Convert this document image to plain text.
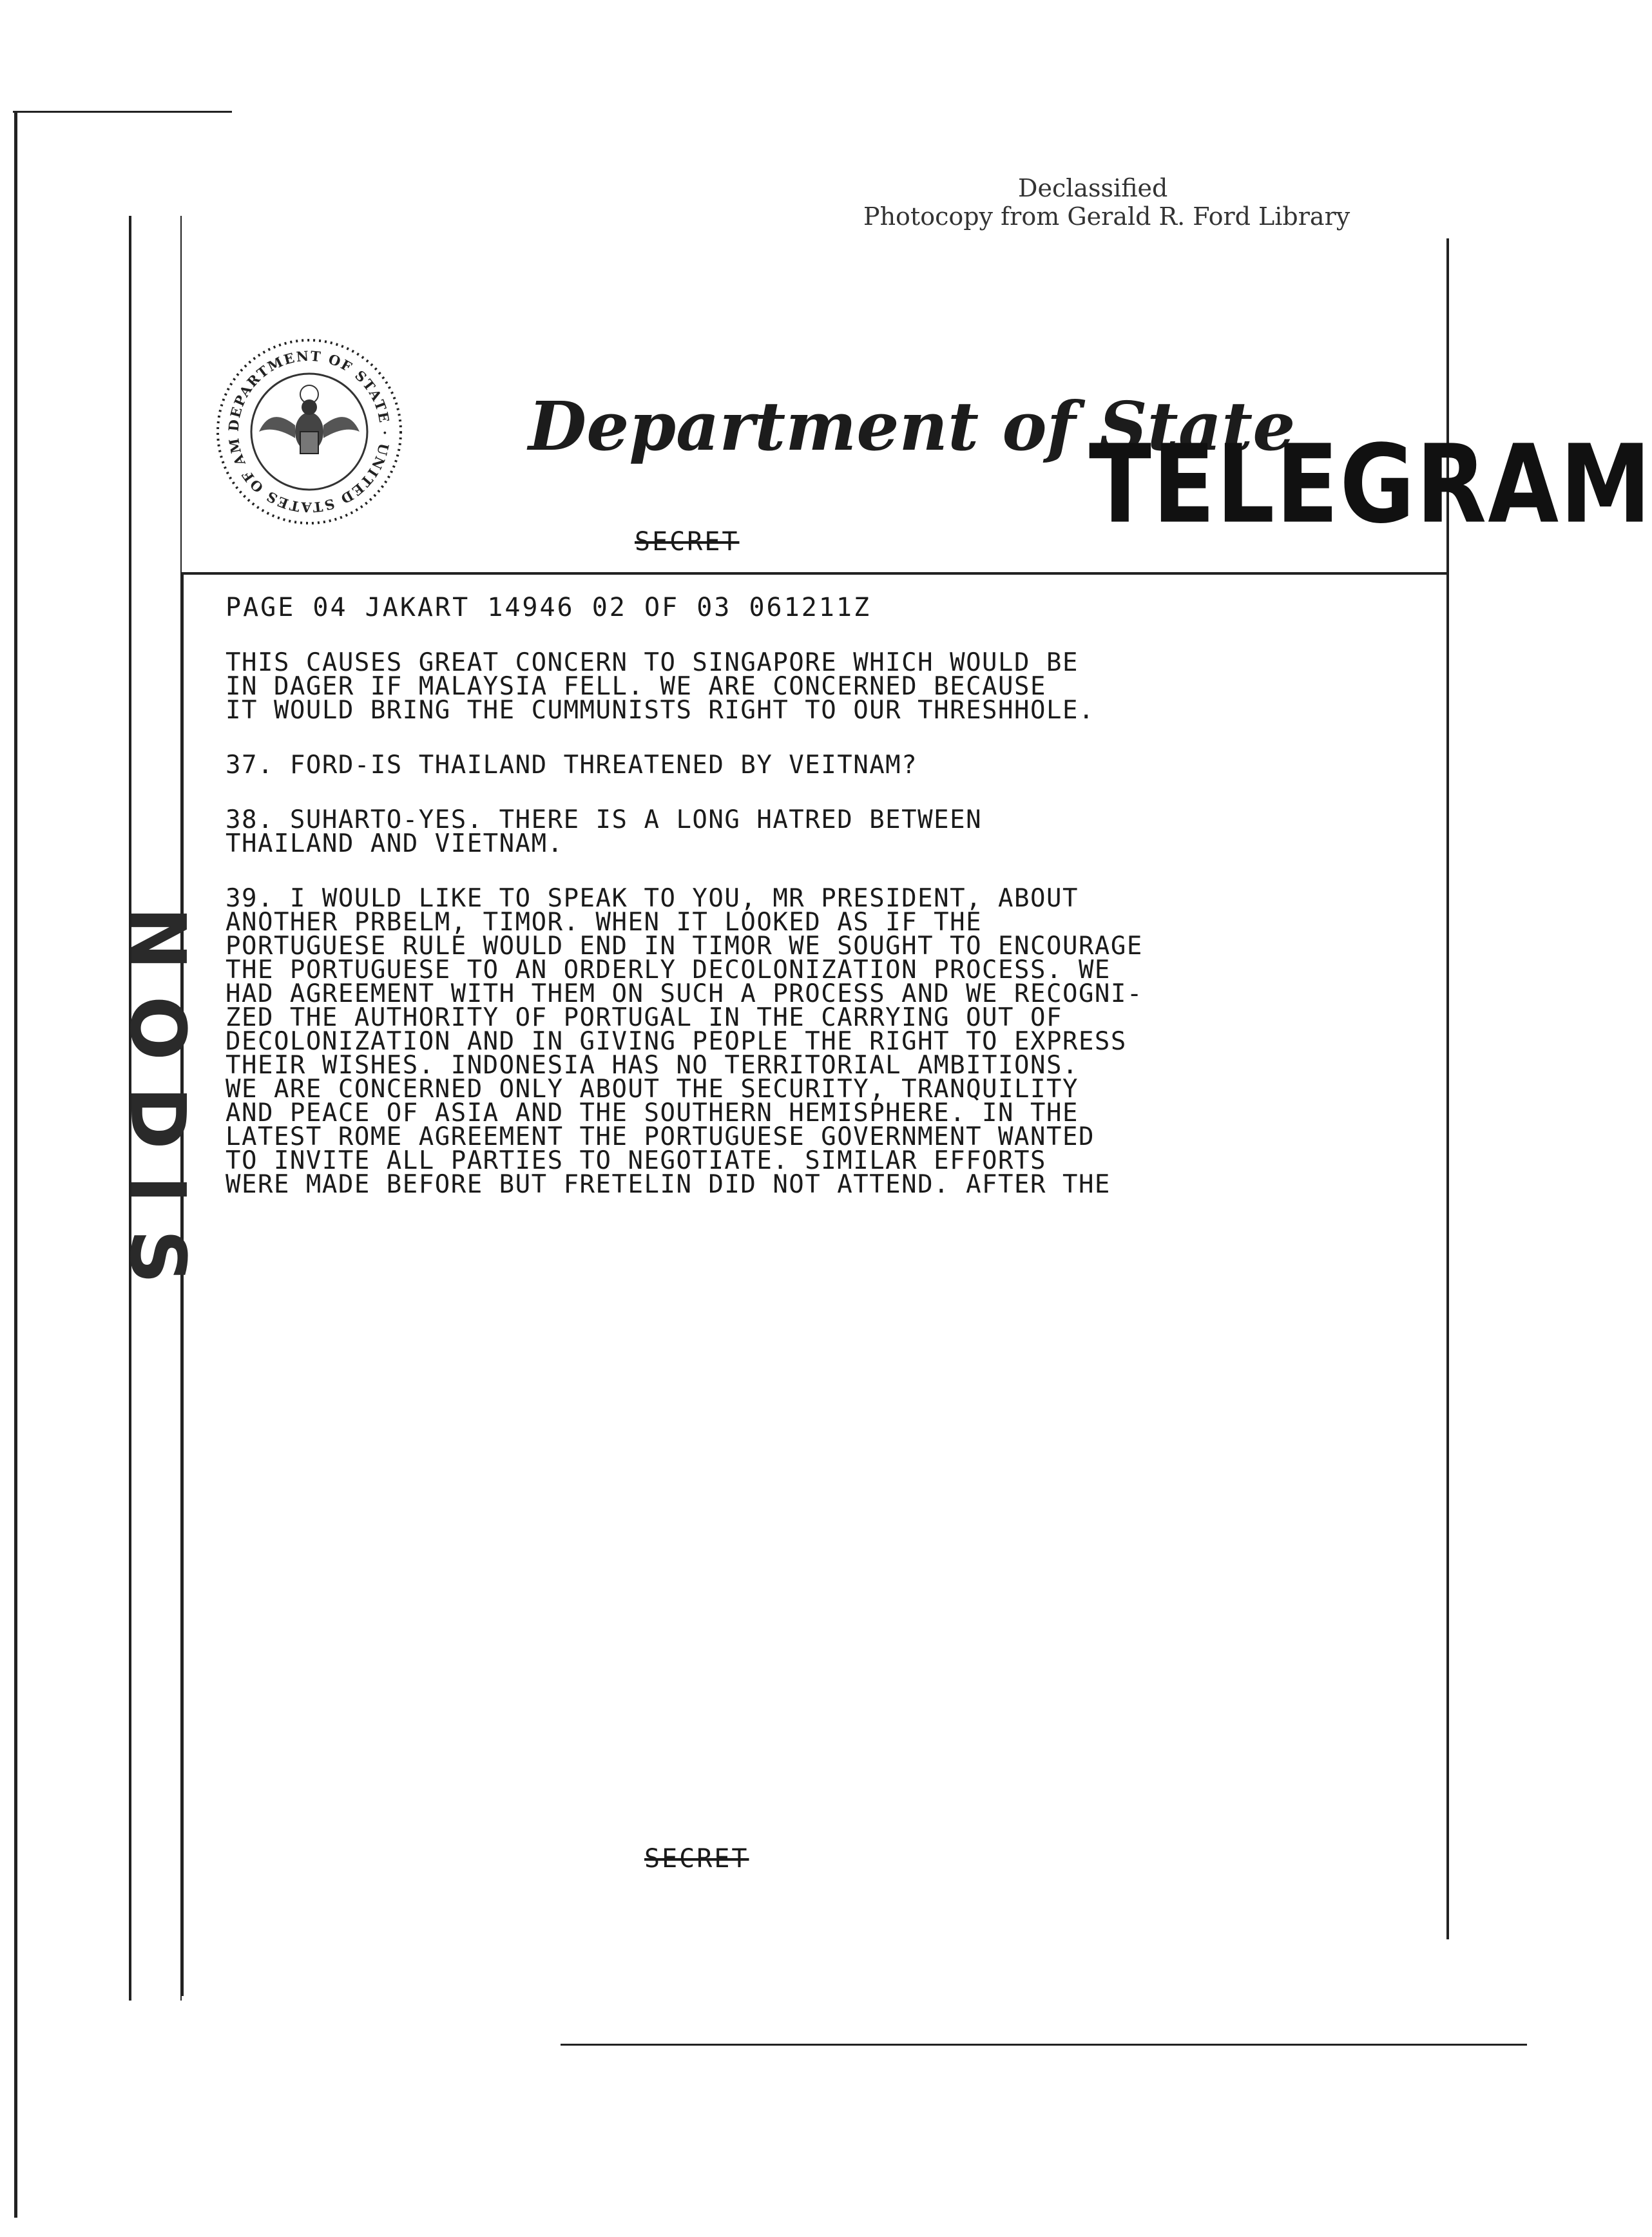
NODIS
Declassified
Photocopy from Gerald R. Ford Library
DEPARTMENT OF STATE · UNITED STATES OF AM	Department of State
TELEGRAM
SECRET
PAGE 04 JAKART 14946 02 OF 03 061211Z

THIS CAUSES GREAT CONCERN TO SINGAPORE WHICH WOULD BE
IN DAGER IF MALAYSIA FELL. WE ARE CONCERNED BECAUSE
IT WOULD BRING THE CUMMUNISTS RIGHT TO OUR THRESHHOLE.

37. FORD-IS THAILAND THREATENED BY VEITNAM?

38. SUHARTO-YES. THERE IS A LONG HATRED BETWEEN
THAILAND AND VIETNAM.

39. I WOULD LIKE TO SPEAK TO YOU, MR PRESIDENT, ABOUT
ANOTHER PRBELM, TIMOR. WHEN IT LOOKED AS IF THE
PORTUGUESE RULE WOULD END IN TIMOR WE SOUGHT TO ENCOURAGE
THE PORTUGUESE TO AN ORDERLY DECOLONIZATION PROCESS. WE
HAD AGREEMENT WITH THEM ON SUCH A PROCESS AND WE RECOGNI-
ZED THE AUTHORITY OF PORTUGAL IN THE CARRYING OUT OF
DECOLONIZATION AND IN GIVING PEOPLE THE RIGHT TO EXPRESS
THEIR WISHES. INDONESIA HAS NO TERRITORIAL AMBITIONS.
WE ARE CONCERNED ONLY ABOUT THE SECURITY, TRANQUILITY
AND PEACE OF ASIA AND THE SOUTHERN HEMISPHERE. IN THE
LATEST ROME AGREEMENT THE PORTUGUESE GOVERNMENT WANTED
TO INVITE ALL PARTIES TO NEGOTIATE. SIMILAR EFFORTS
WERE MADE BEFORE BUT FRETELIN DID NOT ATTEND. AFTER THE

SECRET
